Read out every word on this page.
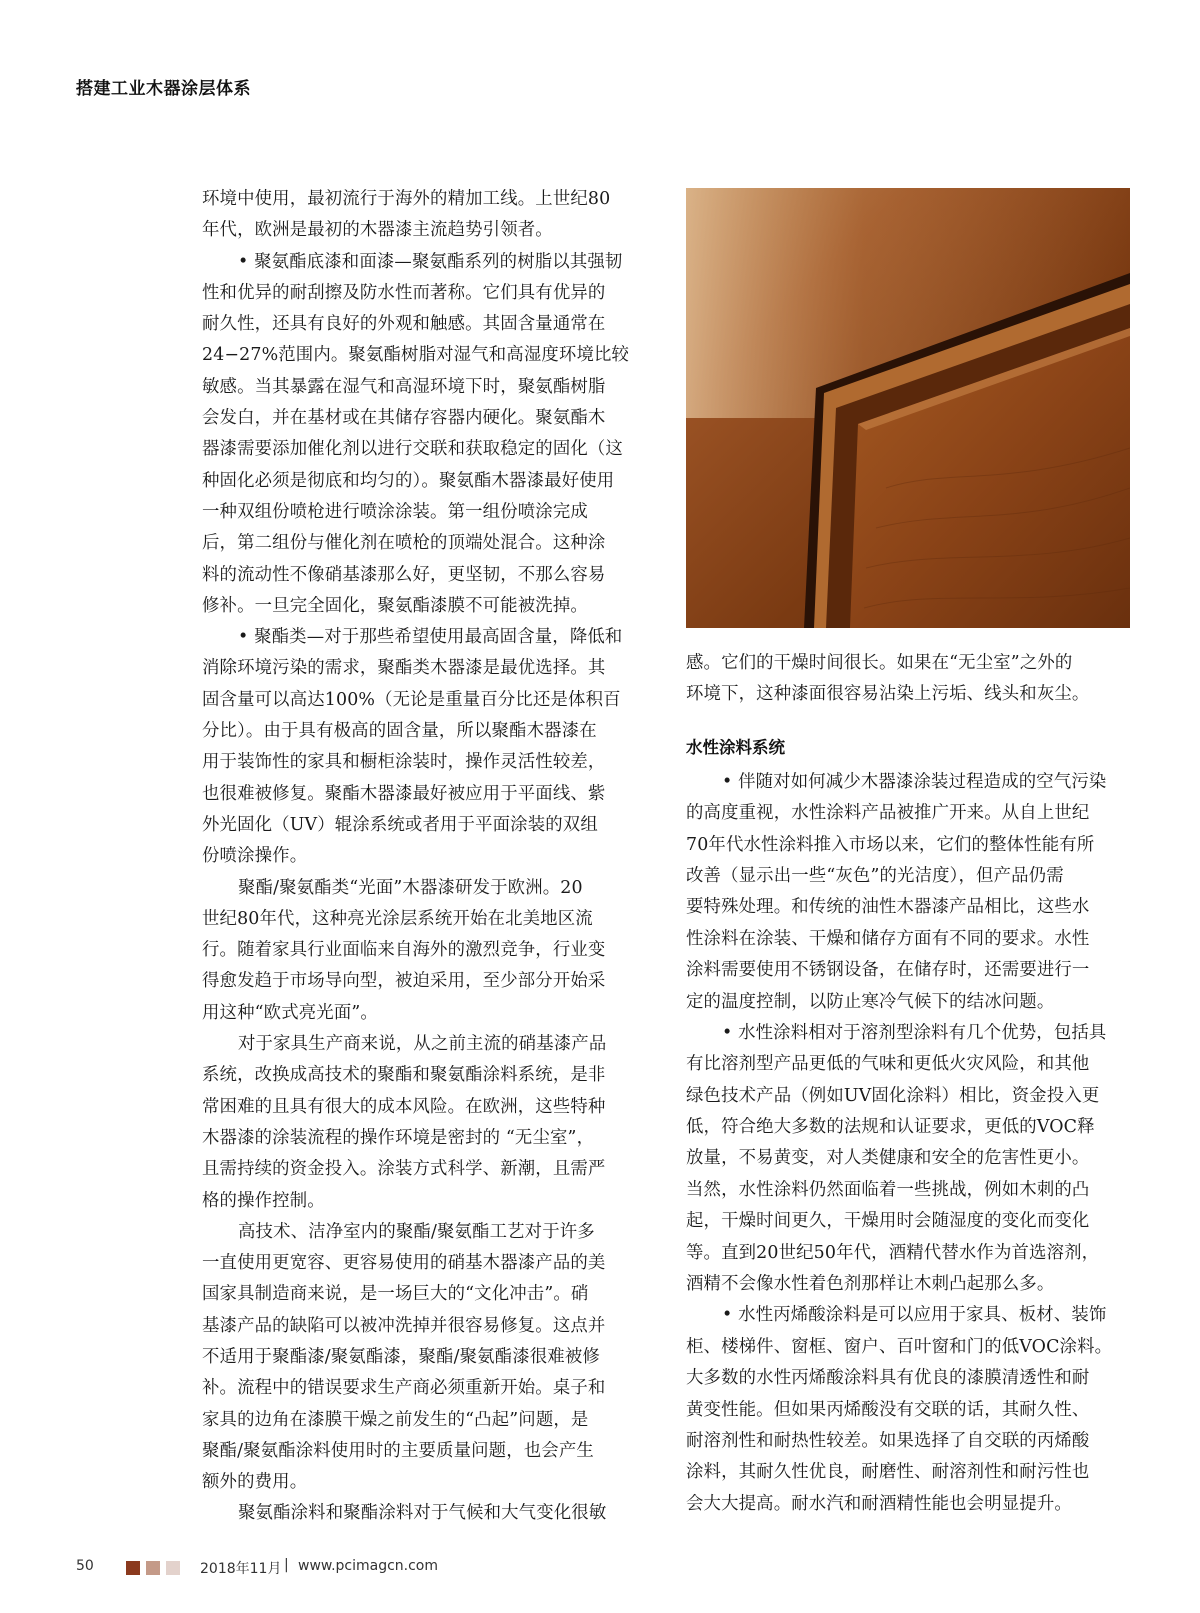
搭建工业木器涂层体系
环境中使用，最初流行于海外的精加工线。上世纪80
年代，欧洲是最初的木器漆主流趋势引领者。
• 聚氨酯底漆和面漆—聚氨酯系列的树脂以其强韧
性和优异的耐刮擦及防水性而著称。它们具有优异的
耐久性，还具有良好的外观和触感。其固含量通常在
24−27%范围内。聚氨酯树脂对湿气和高湿度环境比较
敏感。当其暴露在湿气和高湿环境下时，聚氨酯树脂
会发白，并在基材或在其储存容器内硬化。聚氨酯木
器漆需要添加催化剂以进行交联和获取稳定的固化（这
种固化必须是彻底和均匀的）。聚氨酯木器漆最好使用
一种双组份喷枪进行喷涂涂装。第一组份喷涂完成
后，第二组份与催化剂在喷枪的顶端处混合。这种涂
料的流动性不像硝基漆那么好，更坚韧，不那么容易
修补。一旦完全固化，聚氨酯漆膜不可能被洗掉。
• 聚酯类—对于那些希望使用最高固含量，降低和
消除环境污染的需求，聚酯类木器漆是最优选择。其
固含量可以高达100%（无论是重量百分比还是体积百
分比）。由于具有极高的固含量，所以聚酯木器漆在
用于装饰性的家具和橱柜涂装时，操作灵活性较差，
也很难被修复。聚酯木器漆最好被应用于平面线、紫
外光固化（UV）辊涂系统或者用于平面涂装的双组
份喷涂操作。
聚酯/聚氨酯类“光面”木器漆研发于欧洲。20
世纪80年代，这种亮光涂层系统开始在北美地区流
行。随着家具行业面临来自海外的激烈竞争，行业变
得愈发趋于市场导向型，被迫采用，至少部分开始采
用这种“欧式亮光面”。
对于家具生产商来说，从之前主流的硝基漆产品
系统，改换成高技术的聚酯和聚氨酯涂料系统，是非
常困难的且具有很大的成本风险。在欧洲，这些特种
木器漆的涂装流程的操作环境是密封的 “无尘室”，
且需持续的资金投入。涂装方式科学、新潮，且需严
格的操作控制。
高技术、洁净室内的聚酯/聚氨酯工艺对于许多
一直使用更宽容、更容易使用的硝基木器漆产品的美
国家具制造商来说，是一场巨大的“文化冲击”。硝
基漆产品的缺陷可以被冲洗掉并很容易修复。这点并
不适用于聚酯漆/聚氨酯漆，聚酯/聚氨酯漆很难被修
补。流程中的错误要求生产商必须重新开始。桌子和
家具的边角在漆膜干燥之前发生的“凸起”问题，是
聚酯/聚氨酯涂料使用时的主要质量问题，也会产生
额外的费用。
聚氨酯涂料和聚酯涂料对于气候和大气变化很敏
感。它们的干燥时间很长。如果在“无尘室”之外的
环境下，这种漆面很容易沾染上污垢、线头和灰尘。
水性涂料系统
• 伴随对如何减少木器漆涂装过程造成的空气污染
的高度重视，水性涂料产品被推广开来。从自上世纪
70年代水性涂料推入市场以来，它们的整体性能有所
改善（显示出一些“灰色”的光洁度），但产品仍需
要特殊处理。和传统的油性木器漆产品相比，这些水
性涂料在涂装、干燥和储存方面有不同的要求。水性
涂料需要使用不锈钢设备，在储存时，还需要进行一
定的温度控制，以防止寒冷气候下的结冰问题。
• 水性涂料相对于溶剂型涂料有几个优势，包括具
有比溶剂型产品更低的气味和更低火灾风险，和其他
绿色技术产品（例如UV固化涂料）相比，资金投入更
低，符合绝大多数的法规和认证要求，更低的VOC释
放量，不易黄变，对人类健康和安全的危害性更小。
当然，水性涂料仍然面临着一些挑战，例如木刺的凸
起，干燥时间更久，干燥用时会随湿度的变化而变化
等。直到20世纪50年代，酒精代替水作为首选溶剂，
酒精不会像水性着色剂那样让木刺凸起那么多。
• 水性丙烯酸涂料是可以应用于家具、板材、装饰
柜、楼梯件、窗框、窗户、百叶窗和门的低VOC涂料。
大多数的水性丙烯酸涂料具有优良的漆膜清透性和耐
黄变性能。但如果丙烯酸没有交联的话，其耐久性、
耐溶剂性和耐热性较差。如果选择了自交联的丙烯酸
涂料，其耐久性优良，耐磨性、耐溶剂性和耐污性也
会大大提高。耐水汽和耐酒精性能也会明显提升。
50	2018年11月 | www.pcimagcn.com
